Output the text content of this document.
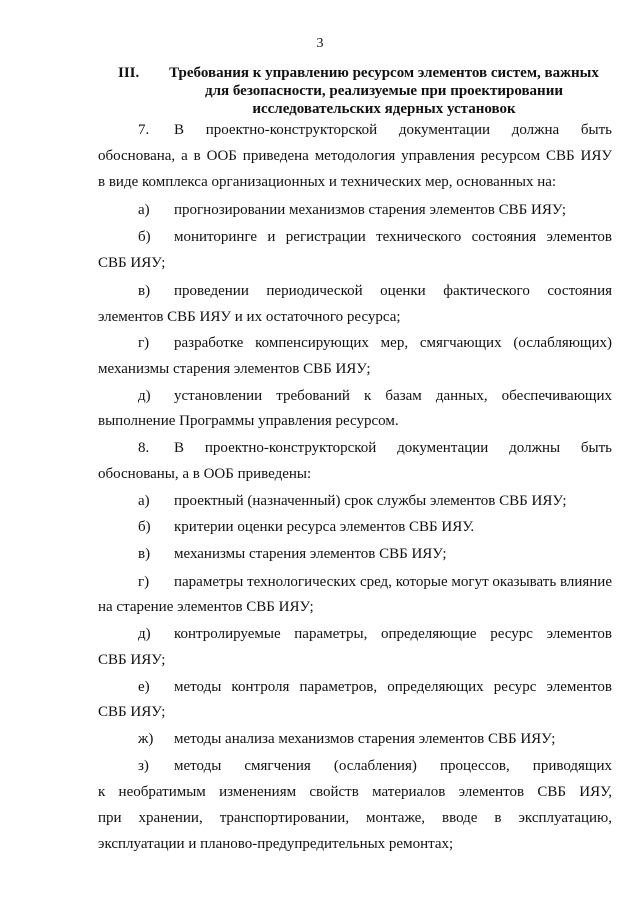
3
III.	Требования к управлению ресурсом элементов систем, важных
для безопасности, реализуемые при проектировании
исследовательских ядерных установок
7. В проектно-конструкторской документации должна быть
обоснована, а в ООБ приведена методология управления ресурсом СВБ ИЯУ
в виде комплекса организационных и технических мер, основанных на:
а) прогнозировании механизмов старения элементов СВБ ИЯУ;
б) мониторинге и регистрации технического состояния элементов
СВБ ИЯУ;
в) проведении периодической оценки фактического состояния
элементов СВБ ИЯУ и их остаточного ресурса;
г) разработке компенсирующих мер, смягчающих (ослабляющих)
механизмы старения элементов СВБ ИЯУ;
д) установлении требований к базам данных, обеспечивающих
выполнение Программы управления ресурсом.
8. В проектно-конструкторской документации должны быть
обоснованы, а в ООБ приведены:
а) проектный (назначенный) срок службы элементов СВБ ИЯУ;
б) критерии оценки ресурса элементов СВБ ИЯУ.
в) механизмы старения элементов СВБ ИЯУ;
г) параметры технологических сред, которые могут оказывать влияние
на старение элементов СВБ ИЯУ;
д) контролируемые параметры, определяющие ресурс элементов
СВБ ИЯУ;
е) методы контроля параметров, определяющих ресурс элементов
СВБ ИЯУ;
ж) методы анализа механизмов старения элементов СВБ ИЯУ;
з) методы смягчения (ослабления) процессов, приводящих
к необратимым изменениям свойств материалов элементов СВБ ИЯУ,
при хранении, транспортировании, монтаже, вводе в эксплуатацию,
эксплуатации и планово-предупредительных ремонтах;
